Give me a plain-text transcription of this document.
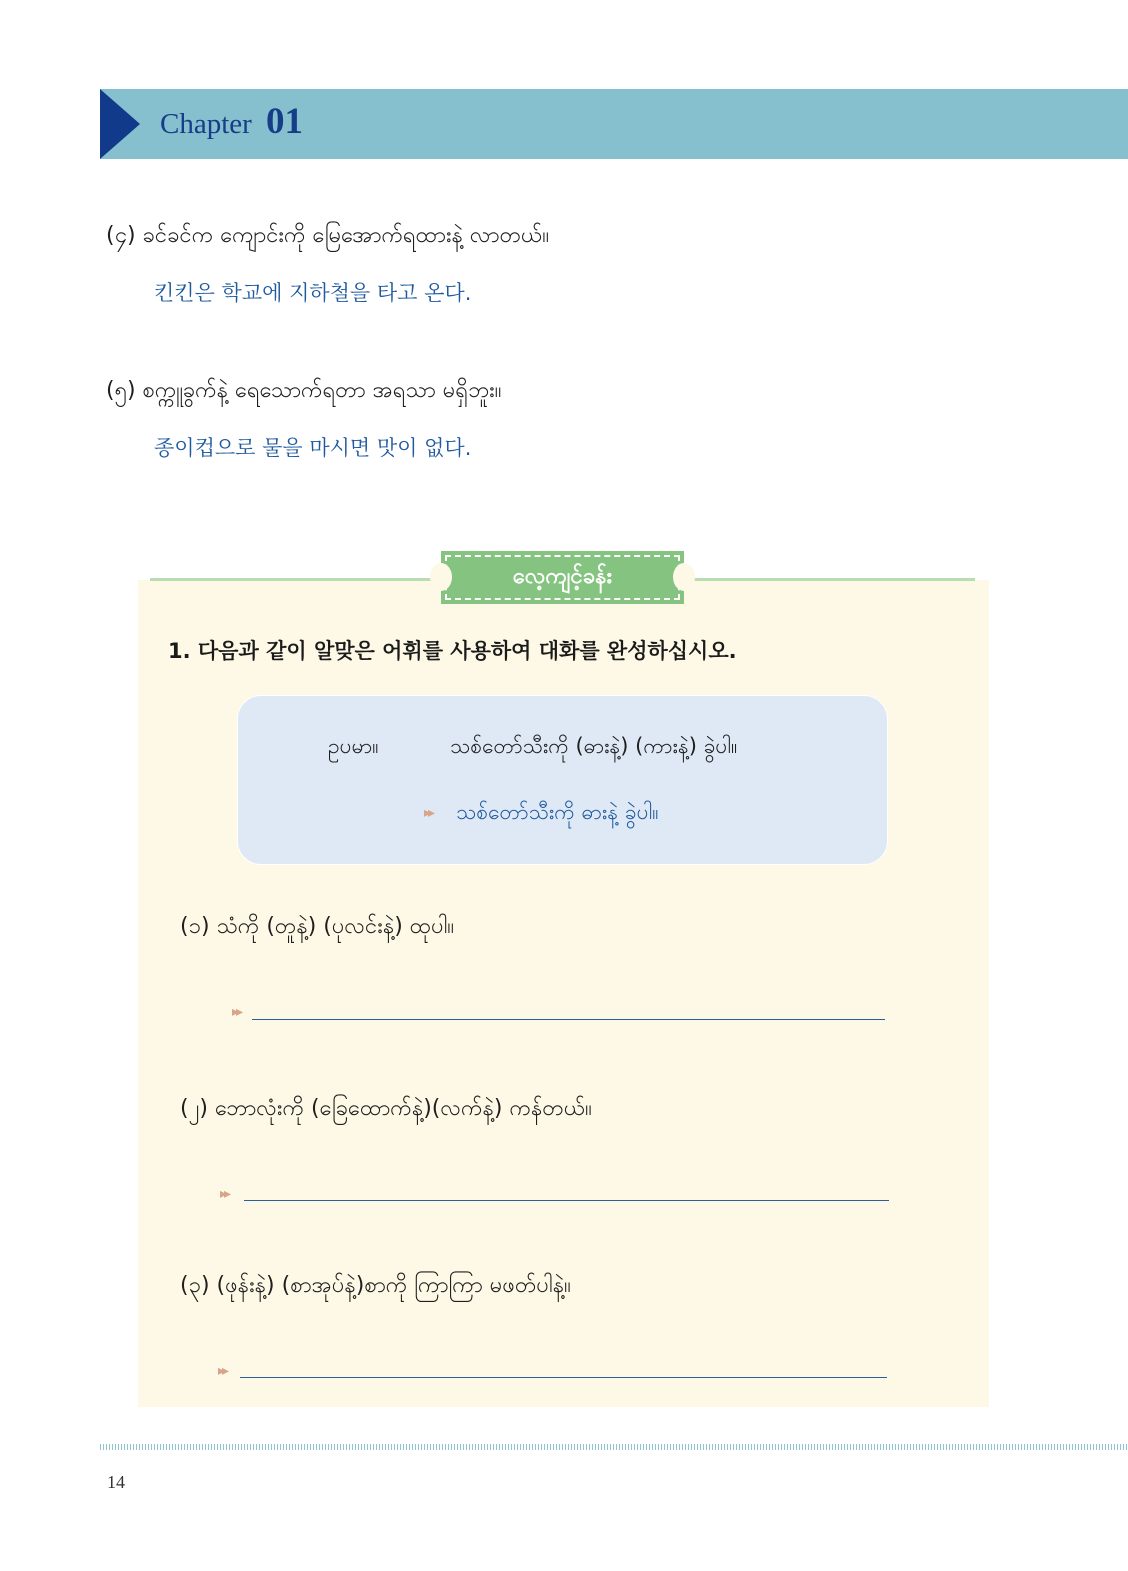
Chapter 01
(၄) ခင်ခင်က ကျောင်းကို မြေအောက်ရထားနဲ့ လာတယ်။
킨킨은 학교에 지하철을 타고 온다.
(၅) စက္ကူခွက်နဲ့ ရေသောက်ရတာ အရသာ မရှိဘူး။
종이컵으로 물을 마시면 맛이 없다.
လေ့ကျင့်ခန်း
1. 다음과 같이 알맞은 어휘를 사용하여 대화를 완성하십시오.
ဥပမာ။	သစ်တော်သီးကို (ဓားနဲ့) (ကားနဲ့) ခွဲပါ။
▸▸ သစ်တော်သီးကို ဓားနဲ့ ခွဲပါ။
(၁) သံကို (တူနဲ့) (ပုလင်းနဲ့) ထုပါ။
▸▸
(၂) ဘောလုံးကို (ခြေထောက်နဲ့)(လက်နဲ့) ကန်တယ်။
▸▸
(၃) (ဖုန်းနဲ့) (စာအုပ်နဲ့)စာကို ကြာကြာ မဖတ်ပါနဲ့။
▸▸
14
